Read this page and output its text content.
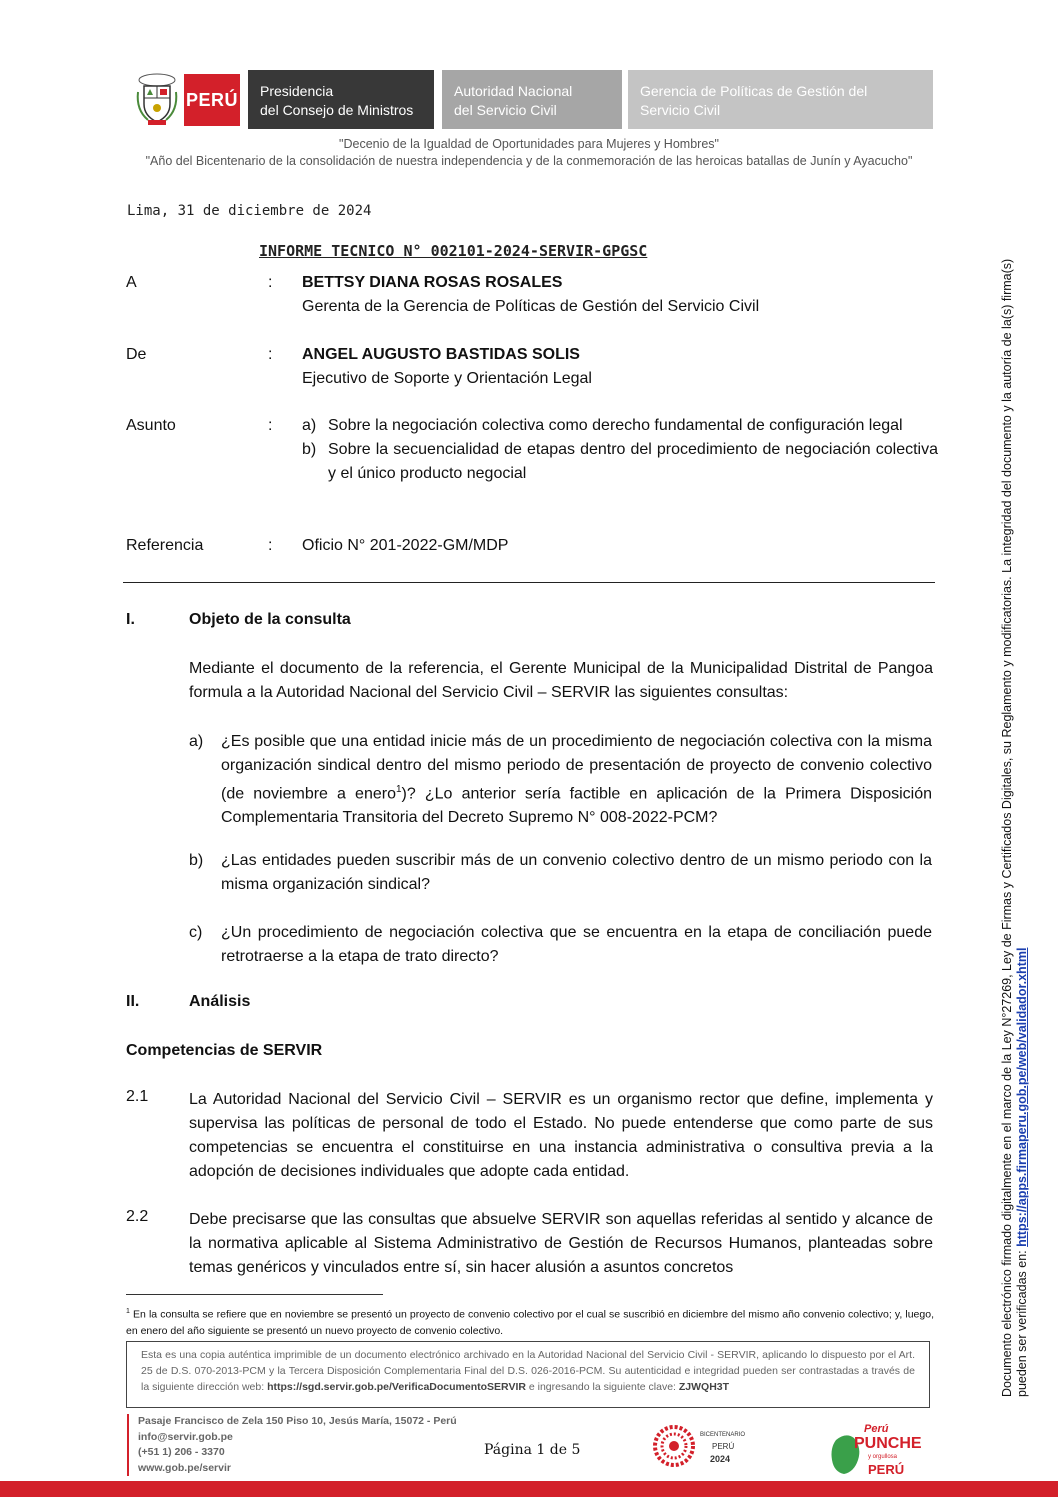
PERÚ Presidencia
del Consejo de Ministros
Autoridad Nacional
del Servicio Civil
Gerencia de Políticas de Gestión del
Servicio Civil
"Decenio de la Igualdad de Oportunidades para Mujeres y Hombres"
"Año del Bicentenario de la consolidación de nuestra independencia y de la conmemoración de las heroicas batallas de Junín y Ayacucho"
Lima, 31 de diciembre de 2024
INFORME TECNICO N° 002101-2024-SERVIR-GPGSC
A	: BETTSY DIANA ROSAS ROSALES
Gerenta de la Gerencia de Políticas de Gestión del Servicio Civil
De	: ANGEL AUGUSTO BASTIDAS SOLIS
Ejecutivo de Soporte y Orientación Legal
Asunto	: a) Sobre la negociación colectiva como derecho fundamental de configuración legal
b) Sobre la secuencialidad de etapas dentro del procedimiento de negociación colectiva y el único producto negocial
Referencia	: Oficio N° 201-2022-GM/MDP
I.	Objeto de la consulta
Mediante el documento de la referencia, el Gerente Municipal de la Municipalidad Distrital de Pangoa formula a la Autoridad Nacional del Servicio Civil – SERVIR las siguientes consultas:
a) ¿Es posible que una entidad inicie más de un procedimiento de negociación colectiva con la misma organización sindical dentro del mismo periodo de presentación de proyecto de convenio colectivo (de noviembre a enero$^1$)? ¿Lo anterior sería factible en aplicación de la Primera Disposición Complementaria Transitoria del Decreto Supremo N° 008-2022-PCM?
b) ¿Las entidades pueden suscribir más de un convenio colectivo dentro de un mismo periodo con la misma organización sindical?
c) ¿Un procedimiento de negociación colectiva que se encuentra en la etapa de conciliación puede retrotraerse a la etapa de trato directo?
II.	Análisis
Competencias de SERVIR
2.1	La Autoridad Nacional del Servicio Civil – SERVIR es un organismo rector que define, implementa y supervisa las políticas de personal de todo el Estado. No puede entenderse que como parte de sus competencias se encuentra el constituirse en una instancia administrativa o consultiva previa a la adopción de decisiones individuales que adopte cada entidad.
2.2	Debe precisarse que las consultas que absuelve SERVIR son aquellas referidas al sentido y alcance de la normativa aplicable al Sistema Administrativo de Gestión de Recursos Humanos, planteadas sobre temas genéricos y vinculados entre sí, sin hacer alusión a asuntos concretos
$^1$ En la consulta se refiere que en noviembre se presentó un proyecto de convenio colectivo por el cual se suscribió en diciembre del mismo año convenio colectivo; y, luego, en enero del año siguiente se presentó un nuevo proyecto de convenio colectivo.
Esta es una copia auténtica imprimible de un documento electrónico archivado en la Autoridad Nacional del Servicio Civil - SERVIR, aplicando lo dispuesto por el Art. 25 de D.S. 070-2013-PCM y la Tercera Disposición Complementaria Final del D.S. 026-2016-PCM. Su autenticidad e integridad pueden ser contrastadas a través de la siguiente dirección web: https://sgd.servir.gob.pe/VerificaDocumentoSERVIR e ingresando la siguiente clave: ZJWQH3T
Pasaje Francisco de Zela 150 Piso 10, Jesús María, 15072 - Perú
info@servir.gob.pe
(+51 1) 206 - 3370
www.gob.pe/servir
Página 1 de 5
BICENTENARIO
PERÚ
2024
Perú
PUNCHE
y orgullosa
PERÚ
Documento electrónico firmado digitalmente en el marco de la Ley N°27269, Ley de Firmas y Certificados Digitales, su Reglamento y modificatorias. La integridad del documento y la autoría de la(s) firma(s) pueden ser verificadas en: https://apps.firmaperu.gob.pe/web/validador.xhtml
